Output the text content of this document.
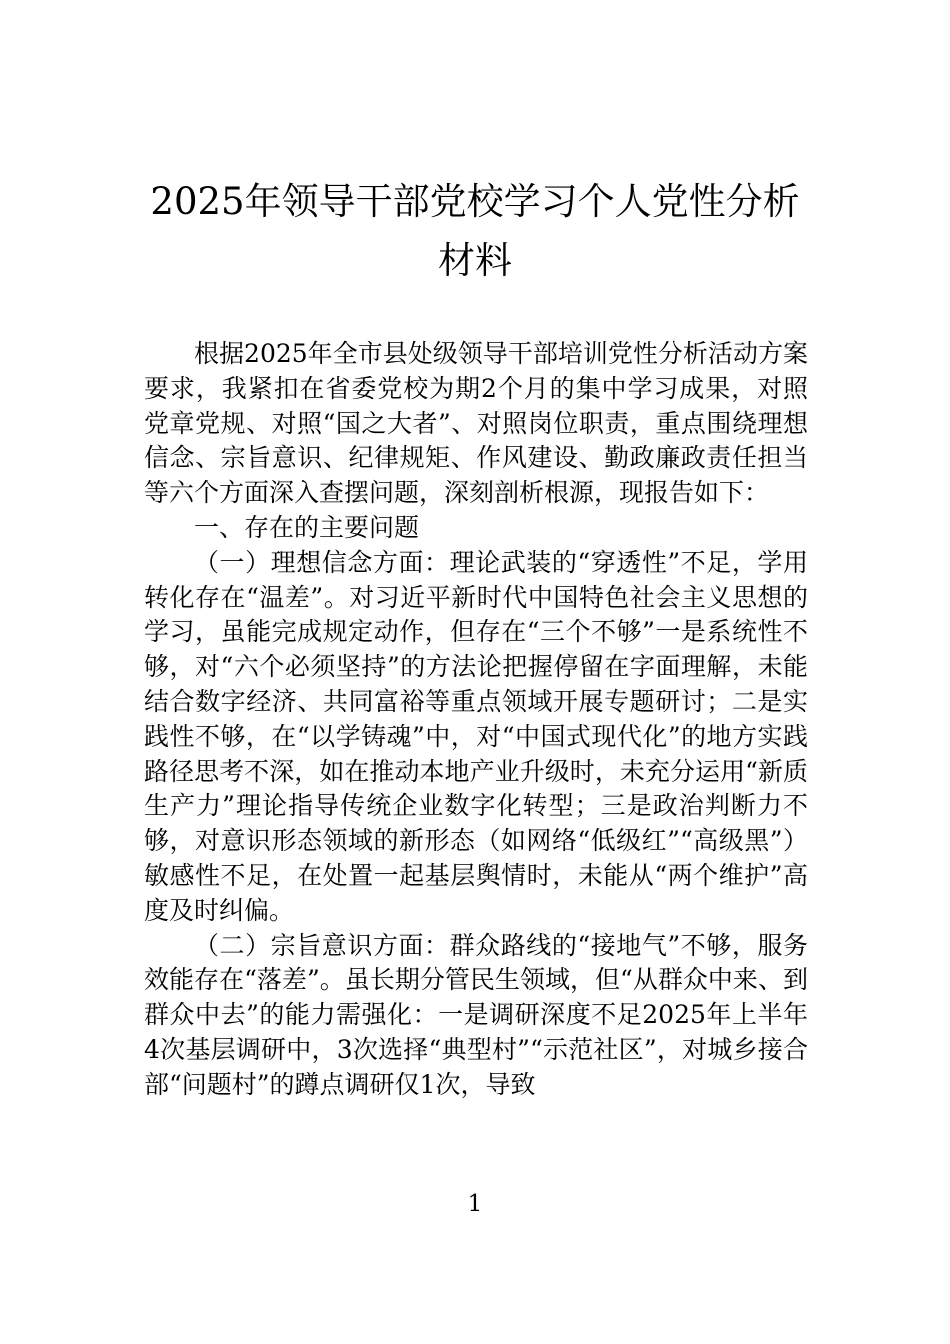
2025年领导干部党校学习个人党性分析材料

根据2025年全市县处级领导干部培训党性分析活动方案要求，我紧扣在省委党校为期2个月的集中学习成果，对照党章党规、对照“国之大者”、对照岗位职责，重点围绕理想信念、宗旨意识、纪律规矩、作风建设、勤政廉政责任担当等六个方面深入查摆问题，深刻剖析根源，现报告如下：

一、存在的主要问题

（一）理想信念方面：理论武装的“穿透性”不足，学用转化存在“温差”。对习近平新时代中国特色社会主义思想的学习，虽能完成规定动作，但存在“三个不够”一是系统性不够，对“六个必须坚持”的方法论把握停留在字面理解，未能结合数字经济、共同富裕等重点领域开展专题研讨；二是实践性不够，在“以学铸魂”中，对“中国式现代化”的地方实践路径思考不深，如在推动本地产业升级时，未充分运用“新质生产力”理论指导传统企业数字化转型；三是政治判断力不够，对意识形态领域的新形态（如网络“低级红”“高级黑”）敏感性不足，在处置一起基层舆情时，未能从“两个维护”高度及时纠偏。

（二）宗旨意识方面：群众路线的“接地气”不够，服务效能存在“落差”。虽长期分管民生领域，但“从群众中来、到群众中去”的能力需强化：一是调研深度不足2025年上半年4次基层调研中，3次选择“典型村”“示范社区”，对城乡接合部“问题村”的蹲点调研仅1次，导致

1
